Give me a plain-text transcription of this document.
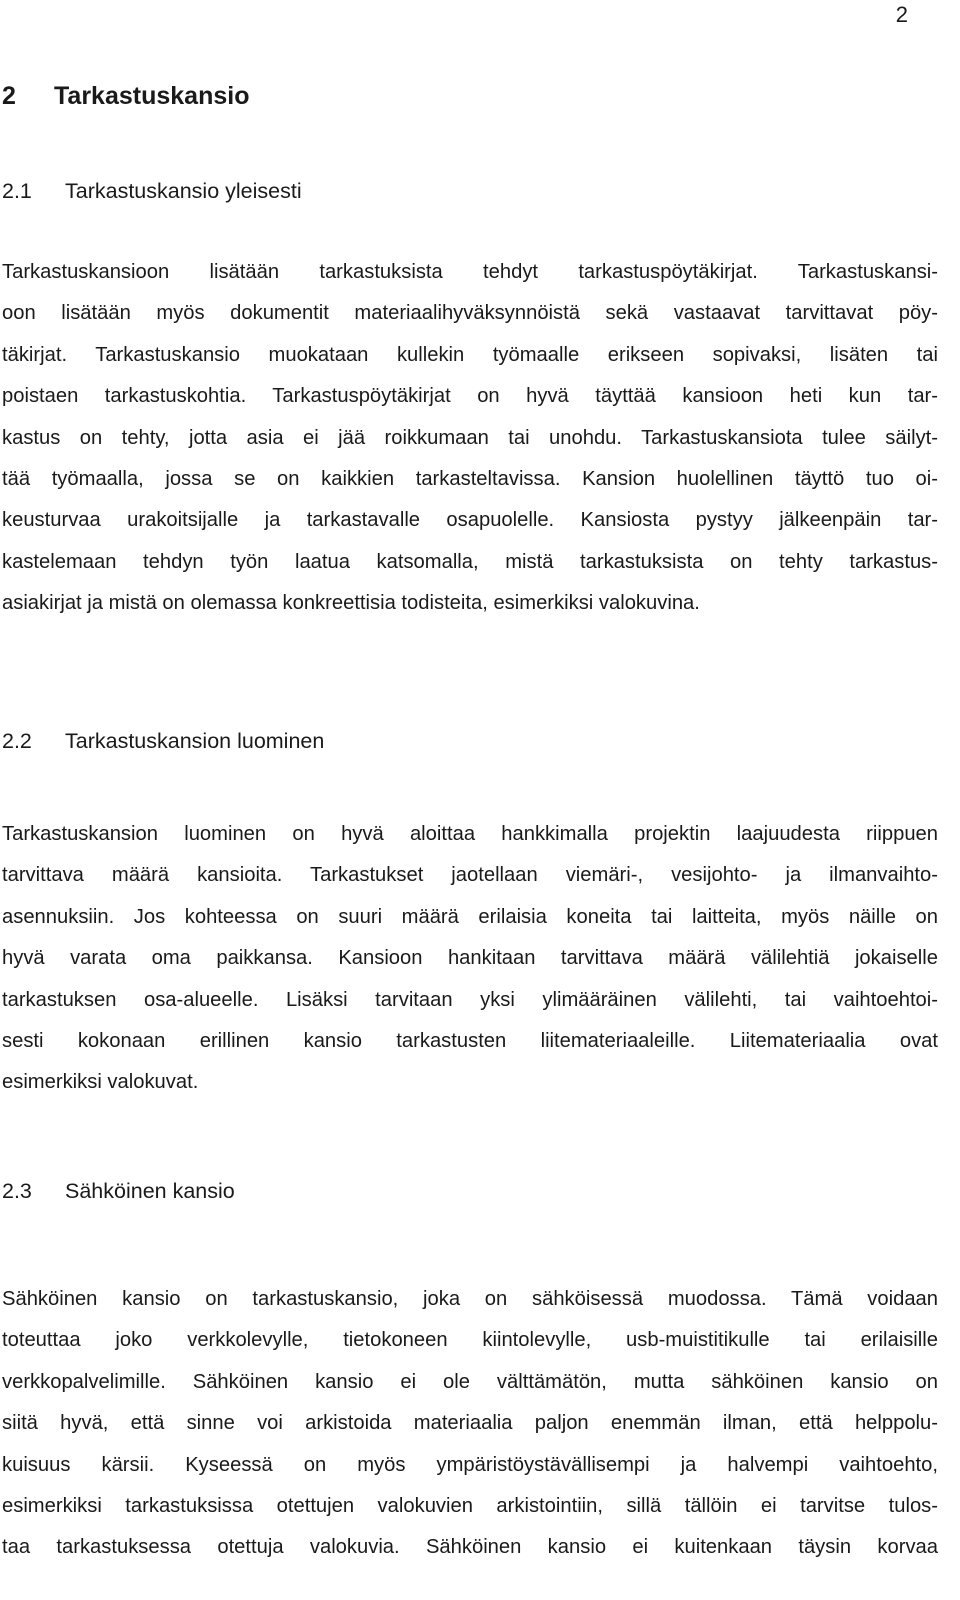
2
2 Tarkastuskansio
2.1 Tarkastuskansio yleisesti
Tarkastuskansioon lisätään tarkastuksista tehdyt tarkastuspöytäkirjat. Tarkastuskansi-
oon lisätään myös dokumentit materiaalihyväksynnöistä sekä vastaavat tarvittavat pöy-
täkirjat. Tarkastuskansio muokataan kullekin työmaalle erikseen sopivaksi, lisäten tai
poistaen tarkastuskohtia. Tarkastuspöytäkirjat on hyvä täyttää kansioon heti kun tar-
kastus on tehty, jotta asia ei jää roikkumaan tai unohdu. Tarkastuskansiota tulee säilyt-
tää työmaalla, jossa se on kaikkien tarkasteltavissa. Kansion huolellinen täyttö tuo oi-
keusturvaa urakoitsijalle ja tarkastavalle osapuolelle. Kansiosta pystyy jälkeenpäin tar-
kastelemaan tehdyn työn laatua katsomalla, mistä tarkastuksista on tehty tarkastus-
asiakirjat ja mistä on olemassa konkreettisia todisteita, esimerkiksi valokuvina.
2.2 Tarkastuskansion luominen
Tarkastuskansion luominen on hyvä aloittaa hankkimalla projektin laajuudesta riippuen
tarvittava määrä kansioita. Tarkastukset jaotellaan viemäri-, vesijohto- ja ilmanvaihto-
asennuksiin. Jos kohteessa on suuri määrä erilaisia koneita tai laitteita, myös näille on
hyvä varata oma paikkansa. Kansioon hankitaan tarvittava määrä välilehtiä jokaiselle
tarkastuksen osa-alueelle. Lisäksi tarvitaan yksi ylimääräinen välilehti, tai vaihtoehtoi-
sesti kokonaan erillinen kansio tarkastusten liitemateriaaleille. Liitemateriaalia ovat
esimerkiksi valokuvat.
2.3 Sähköinen kansio
Sähköinen kansio on tarkastuskansio, joka on sähköisessä muodossa. Tämä voidaan
toteuttaa joko verkkolevylle, tietokoneen kiintolevylle, usb-muistitikulle tai erilaisille
verkkopalvelimille. Sähköinen kansio ei ole välttämätön, mutta sähköinen kansio on
siitä hyvä, että sinne voi arkistoida materiaalia paljon enemmän ilman, että helppolu-
kuisuus kärsii. Kyseessä on myös ympäristöystävällisempi ja halvempi vaihtoehto,
esimerkiksi tarkastuksissa otettujen valokuvien arkistointiin, sillä tällöin ei tarvitse tulos-
taa tarkastuksessa otettuja valokuvia. Sähköinen kansio ei kuitenkaan täysin korvaa
